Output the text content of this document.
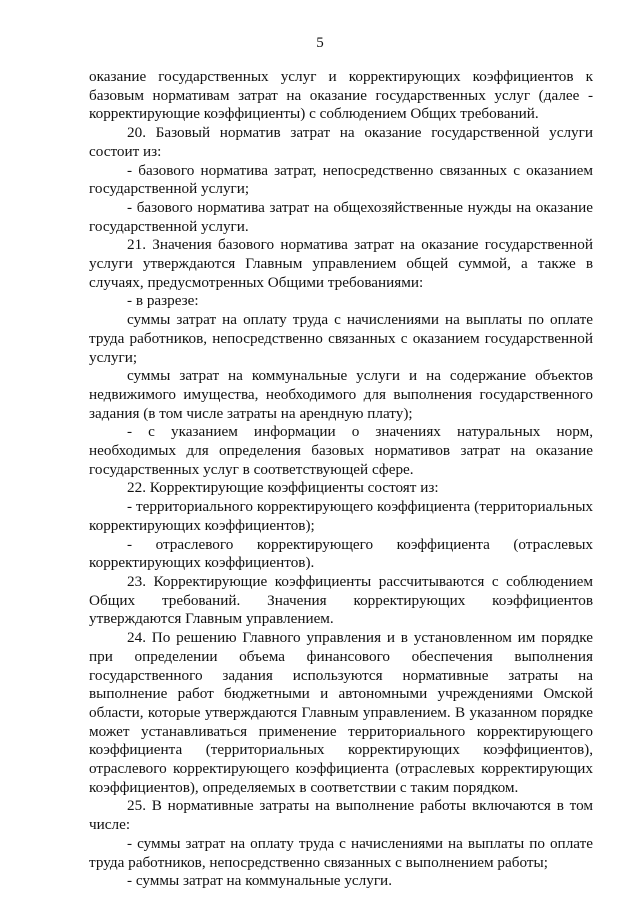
5

оказание государственных услуг и корректирующих коэффициентов к базовым нормативам затрат на оказание государственных услуг (далее - корректирующие коэффициенты) с соблюдением Общих требований.

20. Базовый норматив затрат на оказание государственной услуги состоит из:

- базового норматива затрат, непосредственно связанных с оказанием государственной услуги;

- базового норматива затрат на общехозяйственные нужды на оказание государственной услуги.

21. Значения базового норматива затрат на оказание государственной услуги утверждаются Главным управлением общей суммой, а также в случаях, предусмотренных Общими требованиями:

- в разрезе:

суммы затрат на оплату труда с начислениями на выплаты по оплате труда работников, непосредственно связанных с оказанием государственной услуги;

суммы затрат на коммунальные услуги и на содержание объектов недвижимого имущества, необходимого для выполнения государственного задания (в том числе затраты на арендную плату);

- с указанием информации о значениях натуральных норм, необходимых для определения базовых нормативов затрат на оказание государственных услуг в соответствующей сфере.

22. Корректирующие коэффициенты состоят из:

- территориального корректирующего коэффициента (территориальных корректирующих коэффициентов);

- отраслевого корректирующего коэффициента (отраслевых корректирующих коэффициентов).

23. Корректирующие коэффициенты рассчитываются с соблюдением Общих требований. Значения корректирующих коэффициентов утверждаются Главным управлением.

24. По решению Главного управления и в установленном им порядке при определении объема финансового обеспечения выполнения государственного задания используются нормативные затраты на выполнение работ бюджетными и автономными учреждениями Омской области, которые утверждаются Главным управлением. В указанном порядке может устанавливаться применение территориального корректирующего коэффициента (территориальных корректирующих коэффициентов), отраслевого корректирующего коэффициента (отраслевых корректирующих коэффициентов), определяемых в соответствии с таким порядком.

25. В нормативные затраты на выполнение работы включаются в том числе:

- суммы затрат на оплату труда с начислениями на выплаты по оплате труда работников, непосредственно связанных с выполнением работы;

- суммы затрат на коммунальные услуги.
